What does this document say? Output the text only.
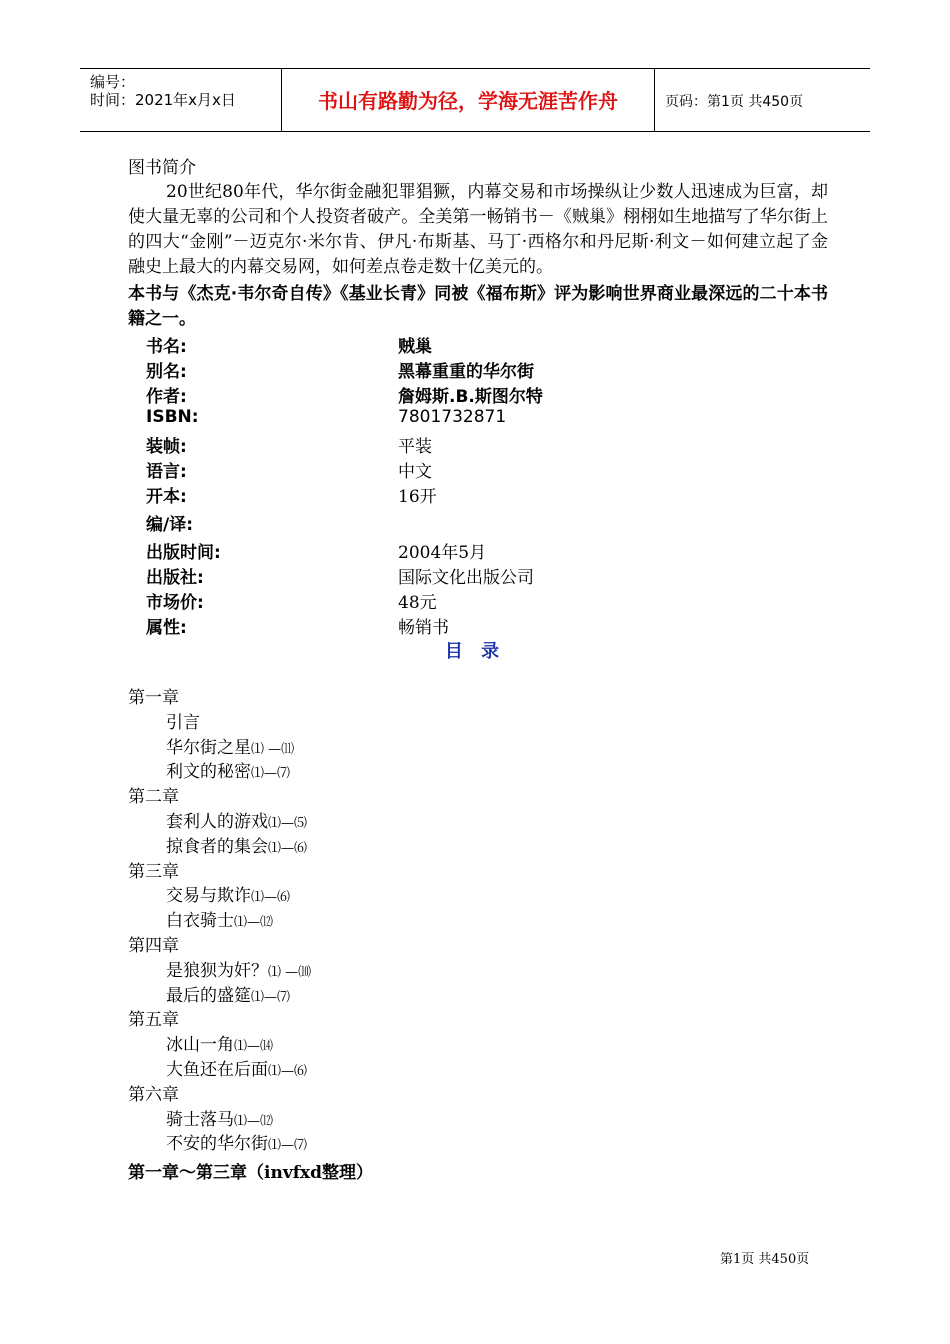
编号：
时间：2021年x月x日	书山有路勤为径，学海无涯苦作舟	页码：第1页 共450页
图书简介
20世纪80年代，华尔街金融犯罪猖獗，内幕交易和市场操纵让少数人迅速成为巨富，却使大量无辜的公司和个人投资者破产。全美第一畅销书－《贼巢》栩栩如生地描写了华尔街上的四大“金刚”－迈克尔·米尔肯、伊凡·布斯基、马丁·西格尔和丹尼斯·利文－如何建立起了金融史上最大的内幕交易网，如何差点卷走数十亿美元的。
本书与《杰克·韦尔奇自传》《基业长青》同被《福布斯》评为影响世界商业最深远的二十本书籍之一。
书名:	贼巢
别名:	黑幕重重的华尔街
作者:	詹姆斯.B.斯图尔特
ISBN:	7801732871
装帧:	平装
语言:	中文
开本:	16开
编/译:
出版时间:	2004年5月
出版社:	国际文化出版公司
市场价:	48元
属性:	畅销书
目 录
第一章
引言
华尔街之星⑴ —⑾
利文的秘密⑴—⑺
第二章
套利人的游戏⑴—⑸
掠食者的集会⑴—⑹
第三章
交易与欺诈⑴—⑹
白衣骑士⑴—⑿
第四章
是狼狈为奸？⑴ —⑽
最后的盛筵⑴—⑺
第五章
冰山一角⑴—⒁
大鱼还在后面⑴—⑹
第六章
骑士落马⑴—⑿
不安的华尔街⑴—⑺
第一章～第三章（invfxd整理）
第1页 共450页
